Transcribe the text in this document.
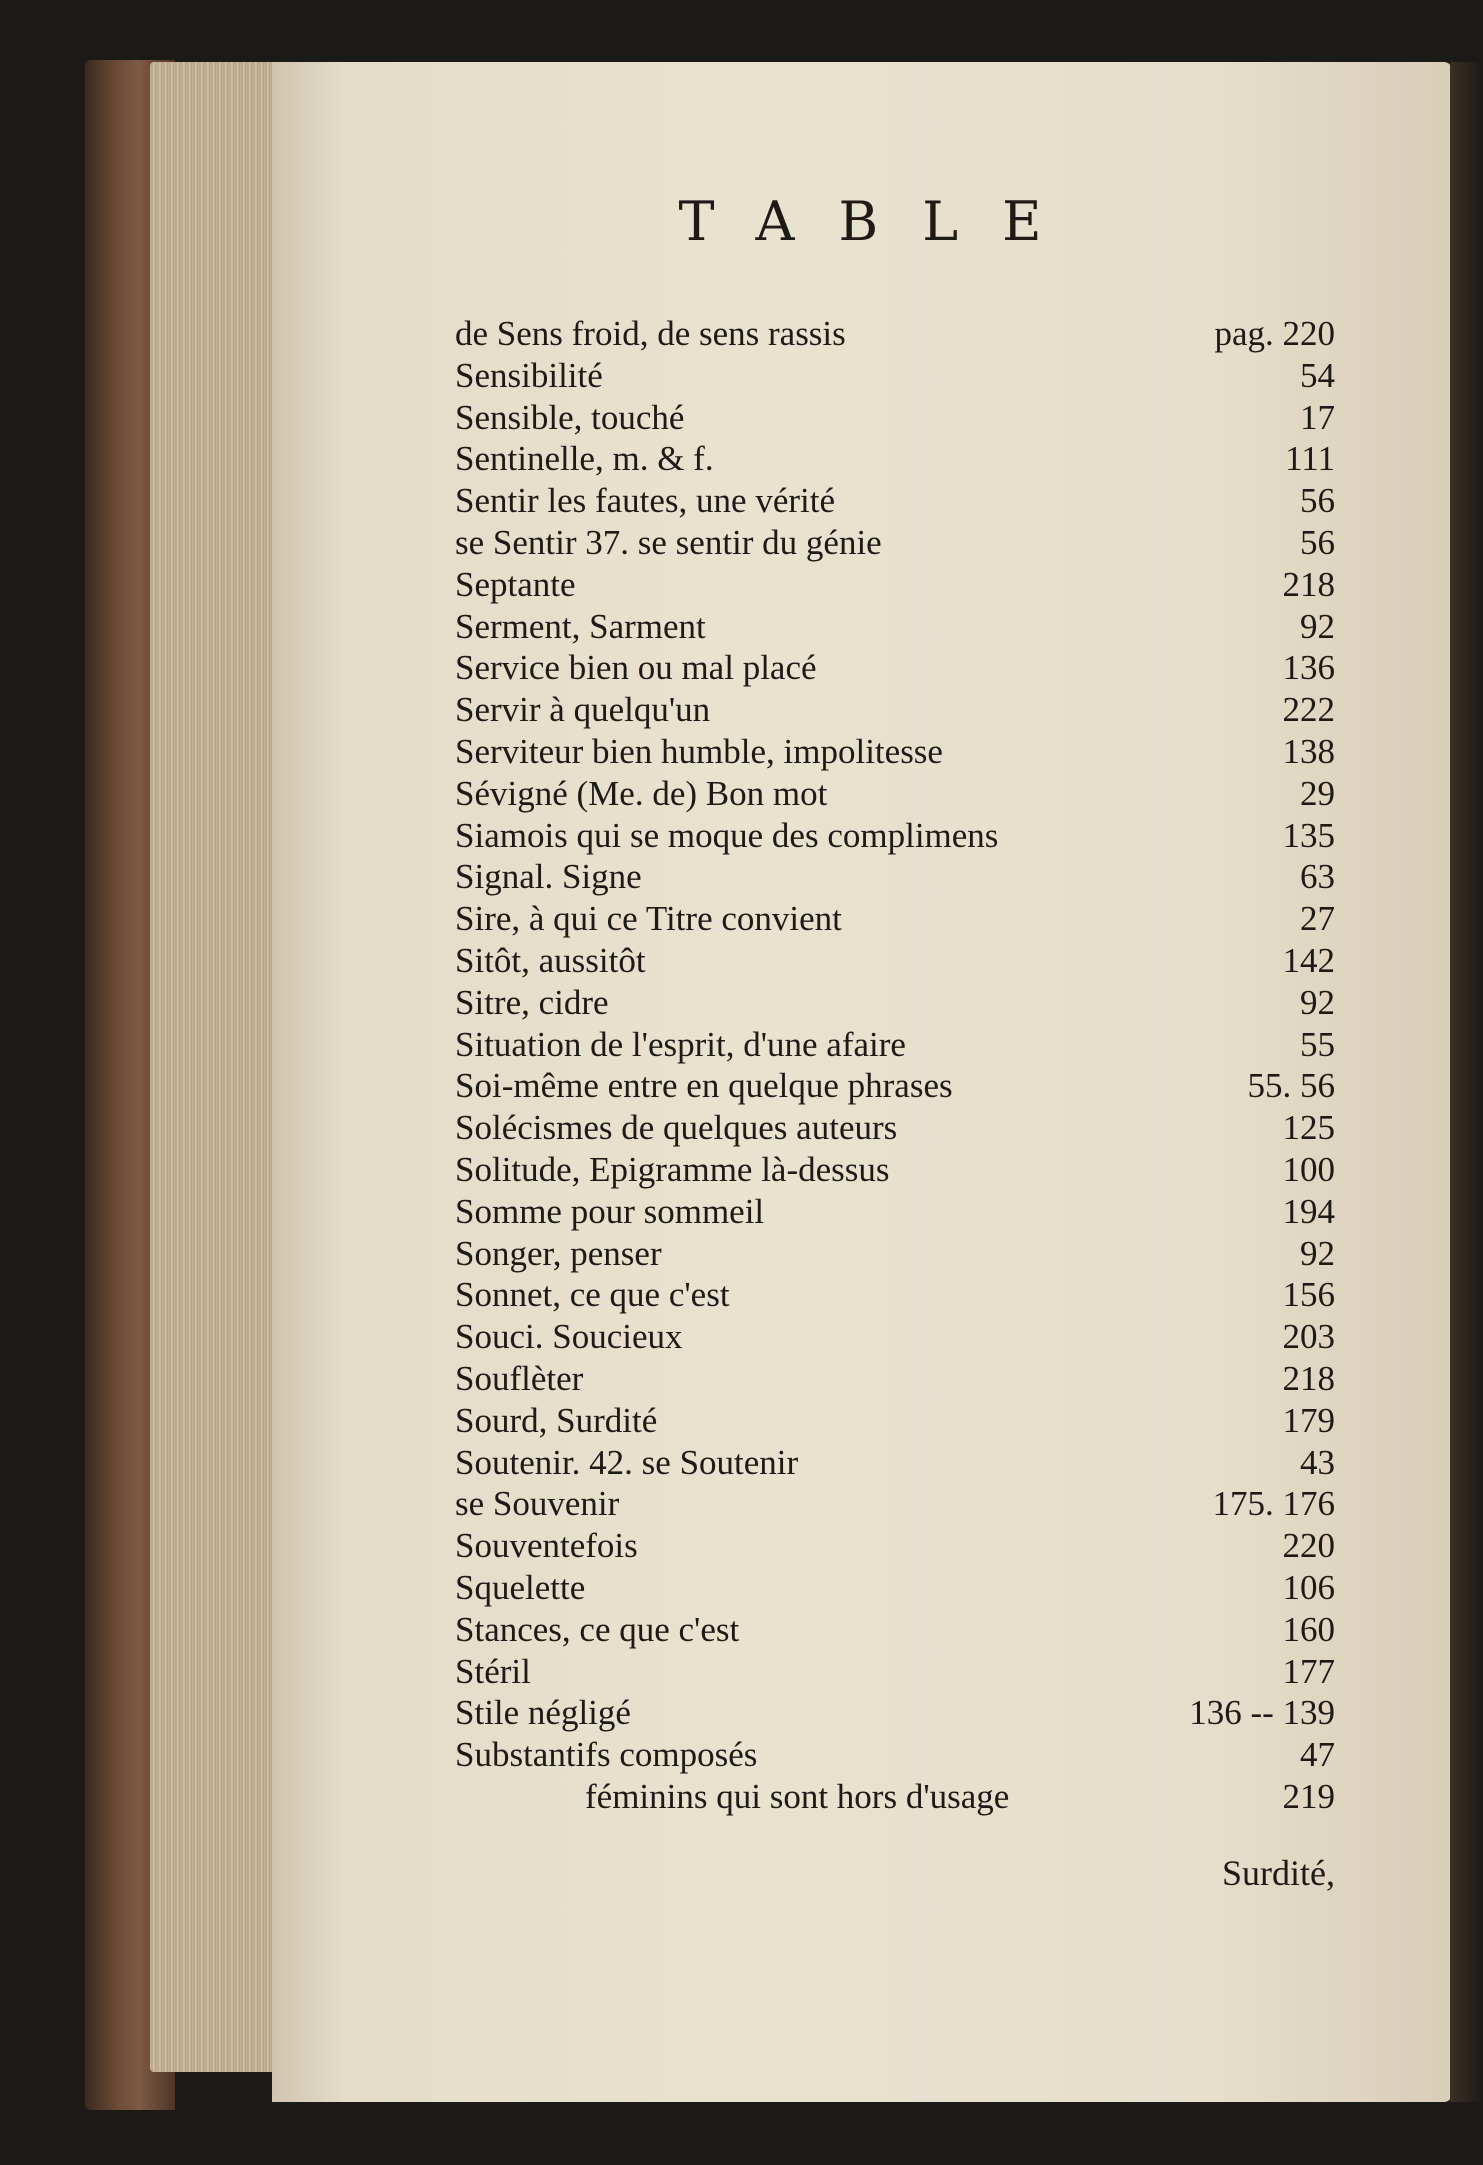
TABLE
de Sens froid, de sens rassis	pag. 220
Sensibilité	54
Sensible, touché	17
Sentinelle, m. & f.	111
Sentir les fautes, une vérité	56
se Sentir 37. se sentir du génie	56
Septante	218
Serment, Sarment	92
Service bien ou mal placé	136
Servir à quelqu'un	222
Serviteur bien humble, impolitesse	138
Sévigné (Me. de) Bon mot	29
Siamois qui se moque des complimens	135
Signal. Signe	63
Sire, à qui ce Titre convient	27
Sitôt, aussitôt	142
Sitre, cidre	92
Situation de l'esprit, d'une afaire	55
Soi-même entre en quelque phrases	55. 56
Solécismes de quelques auteurs	125
Solitude, Epigramme là-dessus	100
Somme pour sommeil	194
Songer, penser	92
Sonnet, ce que c'est	156
Souci. Soucieux	203
Souflèter	218
Sourd, Surdité	179
Soutenir. 42. se Soutenir	43
se Souvenir	175. 176
Souventefois	220
Squelette	106
Stances, ce que c'est	160
Stéril	177
Stile négligé	136 -- 139
Substantifs composés	47
féminins qui sont hors d'usage	219
Surdité,
